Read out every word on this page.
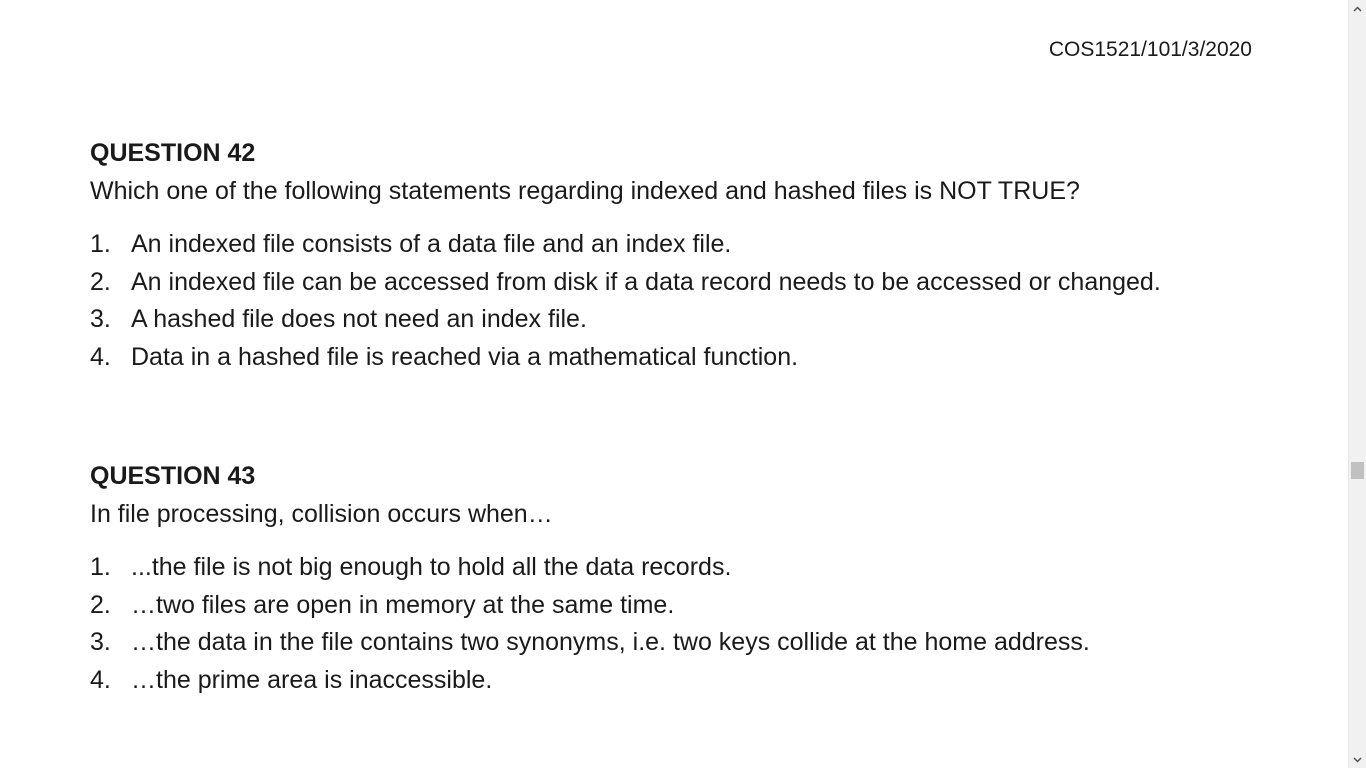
COS1521/101/3/2020
QUESTION 42

Which one of the following statements regarding indexed and hashed files is NOT TRUE?

1. An indexed file consists of a data file and an index file.
2. An indexed file can be accessed from disk if a data record needs to be accessed or changed.
3. A hashed file does not need an index file.
4. Data in a hashed file is reached via a mathematical function.
QUESTION 43

In file processing, collision occurs when…

1. ...the file is not big enough to hold all the data records.
2. …two files are open in memory at the same time.
3. …the data in the file contains two synonyms, i.e. two keys collide at the home address.
4. …the prime area is inaccessible.
